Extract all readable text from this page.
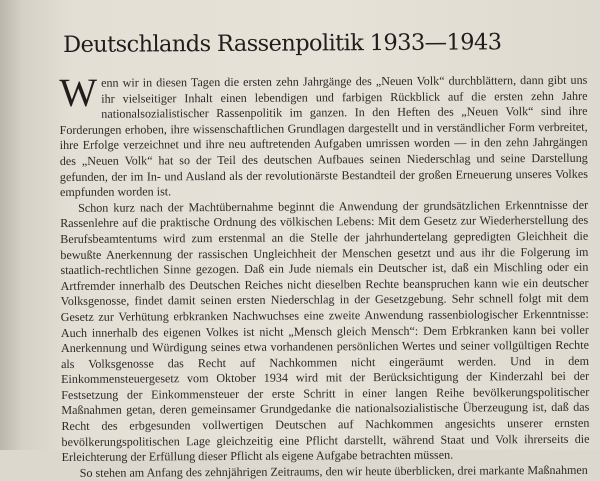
Deutschlands Rassenpolitik 1933—1943

Wenn wir in diesen Tagen die ersten zehn Jahrgänge des „Neuen Volk“ durchblättern, dann gibt uns ihr vielseitiger Inhalt einen lebendigen und farbigen Rückblick auf die ersten zehn Jahre nationalsozialistischer Rassenpolitik im ganzen. In den Heften des „Neuen Volk“ sind ihre Forderungen erhoben, ihre wissenschaftlichen Grundlagen dargestellt und in verständlicher Form verbreitet, ihre Erfolge verzeichnet und ihre neu auftretenden Aufgaben umrissen worden — in den zehn Jahrgängen des „Neuen Volk“ hat so der Teil des deutschen Aufbaues seinen Niederschlag und seine Darstellung gefunden, der im In- und Ausland als der revolutionärste Bestandteil der großen Erneuerung unseres Volkes empfunden worden ist.

Schon kurz nach der Machtübernahme beginnt die Anwendung der grundsätzlichen Erkenntnisse der Rassenlehre auf die praktische Ordnung des völkischen Lebens: Mit dem Gesetz zur Wiederherstellung des Berufsbeamtentums wird zum erstenmal an die Stelle der jahrhundertelang gepredigten Gleichheit die bewußte Anerkennung der rassischen Ungleichheit der Menschen gesetzt und aus ihr die Folgerung im staatlich-rechtlichen Sinne gezogen. Daß ein Jude niemals ein Deutscher ist, daß ein Mischling oder ein Artfremder innerhalb des Deutschen Reiches nicht dieselben Rechte beanspruchen kann wie ein deutscher Volksgenosse, findet damit seinen ersten Niederschlag in der Gesetzgebung. Sehr schnell folgt mit dem Gesetz zur Verhütung erbkranken Nachwuchses eine zweite Anwendung rassenbiologischer Erkenntnisse: Auch innerhalb des eigenen Volkes ist nicht „Mensch gleich Mensch“: Dem Erbkranken kann bei voller Anerkennung und Würdigung seines etwa vorhandenen persönlichen Wertes und seiner vollgültigen Rechte als Volksgenosse das Recht auf Nachkommen nicht eingeräumt werden. Und in dem Einkommensteuergesetz vom Oktober 1934 wird mit der Berücksichtigung der Kinderzahl bei der Festsetzung der Einkommensteuer der erste Schritt in einer langen Reihe bevölkerungspolitischer Maßnahmen getan, deren gemeinsamer Grundgedanke die nationalsozialistische Überzeugung ist, daß das Recht des erbgesunden vollwertigen Deutschen auf Nachkommen angesichts unserer ernsten bevölkerungspolitischen Lage gleichzeitig eine Pflicht darstellt, während Staat und Volk ihrerseits die Erleichterung der Erfüllung dieser Pflicht als eigene Aufgabe betrachten müssen.

So stehen am Anfang des zehnjährigen Zeitraums, den wir heute überblicken, drei markante Maßnahmen
